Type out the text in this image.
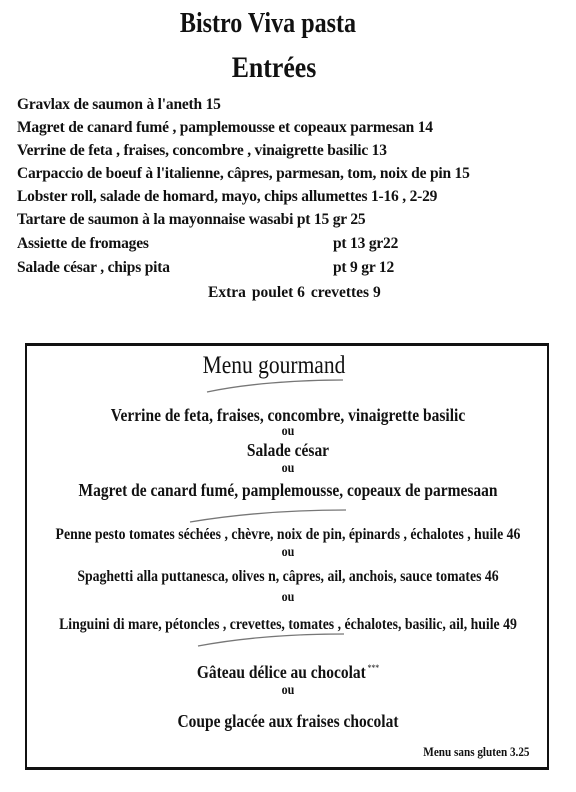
Bistro Viva pasta
Entrées
Gravlax de saumon à l'aneth 15
Magret de canard fumé , pamplemousse et copeaux parmesan 14
Verrine de feta , fraises, concombre , vinaigrette basilic 13
Carpaccio de boeuf à l'italienne, câpres, parmesan, tom, noix de pin 15
Lobster roll, salade de homard, mayo, chips allumettes 1-16 , 2-29
Tartare de saumon à la mayonnaise wasabi pt 15 gr 25
Assiette de fromages	pt 13 gr22
Salade césar , chips pita	pt 9 gr 12
Extra poulet 6 crevettes 9
Menu gourmand
Verrine de feta, fraises, concombre, vinaigrette basilic
ou
Salade césar
ou
Magret de canard fumé, pamplemousse, copeaux de parmesaan
Penne pesto tomates séchées , chèvre, noix de pin, épinards , échalotes , huile 46
ou
Spaghetti alla puttanesca, olives n, câpres, ail, anchois, sauce tomates 46
ou
Linguini di mare, pétoncles , crevettes, tomates , échalotes, basilic, ail, huile 49
Gâteau délice au chocolat ***
ou
Coupe glacée aux fraises chocolat
Menu sans gluten 3.25
